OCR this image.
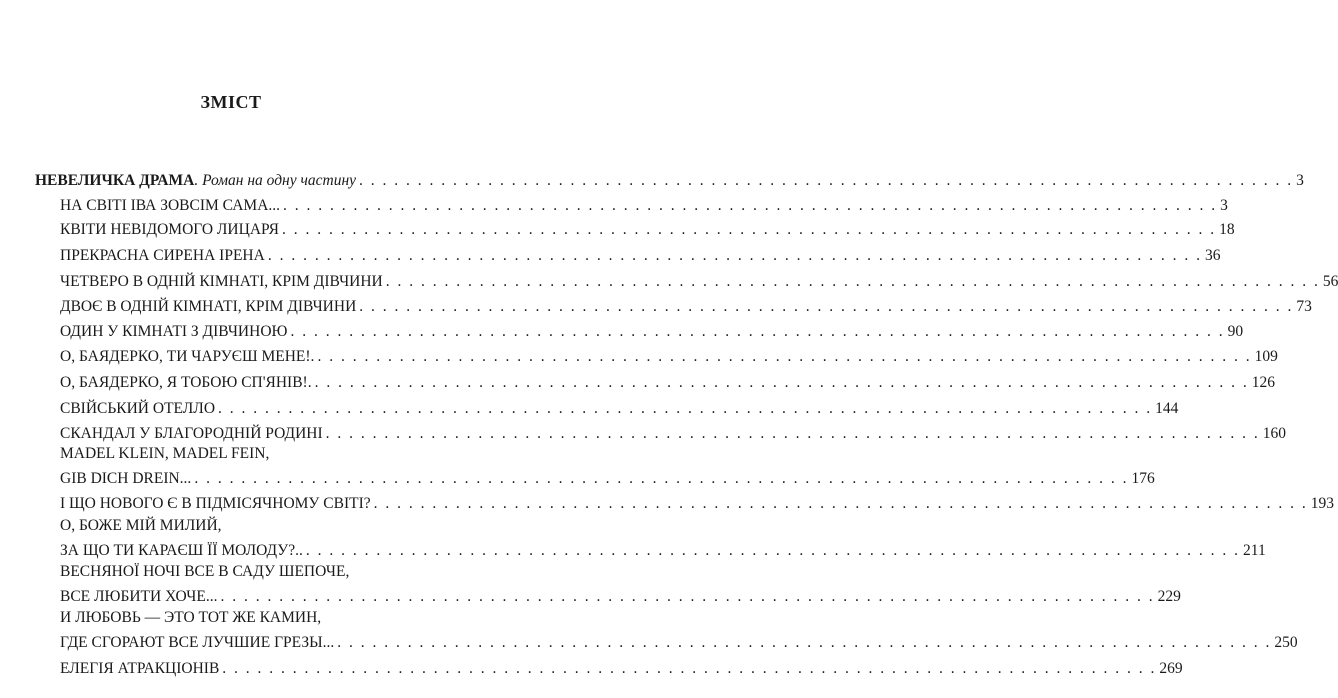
ЗМІСТ
НЕВЕЛИЧКА ДРАМА. Роман на одну частину . . . . . . . . . . . . . . . . . . . . . . . . . . . . . . . . . . . . . . . . . . . . . . . . . . . . . . . . . . . . . . . . . . . . . . . . . . . . . . . . 3
НА СВІТІ ІВА ЗОВСІМ САМА... . . . . . . . . . . . . . . . . . . . . . . . . . . . . . . . . . . . . . . . . . . . . . . . . . . . . . . . . . . . . . . . . . . . . . . . . . . . . . . . . 3
КВІТИ НЕВІДОМОГО ЛИЦАРЯ . . . . . . . . . . . . . . . . . . . . . . . . . . . . . . . . . . . . . . . . . . . . . . . . . . . . . . . . . . . . . . . . . . . . . . . . . . . . . . . . 18
ПРЕКРАСНА СИРЕНА ІРЕНА . . . . . . . . . . . . . . . . . . . . . . . . . . . . . . . . . . . . . . . . . . . . . . . . . . . . . . . . . . . . . . . . . . . . . . . . . . . . . . . . 36
ЧЕТВЕРО В ОДНІЙ КІМНАТІ, КРІМ ДІВЧИНИ . . . . . . . . . . . . . . . . . . . . . . . . . . . . . . . . . . . . . . . . . . . . . . . . . . . . . . . . . . . . . . . . . . . . . . . . . . . . . . . . 56
ДВОЄ В ОДНІЙ КІМНАТІ, КРІМ ДІВЧИНИ . . . . . . . . . . . . . . . . . . . . . . . . . . . . . . . . . . . . . . . . . . . . . . . . . . . . . . . . . . . . . . . . . . . . . . . . . . . . . . . . 73
ОДИН У КІМНАТІ З ДІВЧИНОЮ . . . . . . . . . . . . . . . . . . . . . . . . . . . . . . . . . . . . . . . . . . . . . . . . . . . . . . . . . . . . . . . . . . . . . . . . . . . . . . . . 90
О, БАЯДЕРКО, ТИ ЧАРУЄШ МЕНЕ!. . . . . . . . . . . . . . . . . . . . . . . . . . . . . . . . . . . . . . . . . . . . . . . . . . . . . . . . . . . . . . . . . . . . . . . . . . . . . . . . . 109
О, БАЯДЕРКО, Я ТОБОЮ СП'ЯНІВ!. . . . . . . . . . . . . . . . . . . . . . . . . . . . . . . . . . . . . . . . . . . . . . . . . . . . . . . . . . . . . . . . . . . . . . . . . . . . . . . . . 126
СВІЙСЬКИЙ ОТЕЛЛО . . . . . . . . . . . . . . . . . . . . . . . . . . . . . . . . . . . . . . . . . . . . . . . . . . . . . . . . . . . . . . . . . . . . . . . . . . . . . . . . 144
СКАНДАЛ У БЛАГОРОДНІЙ РОДИНІ . . . . . . . . . . . . . . . . . . . . . . . . . . . . . . . . . . . . . . . . . . . . . . . . . . . . . . . . . . . . . . . . . . . . . . . . . . . . . . . . 160
MADEL KLEIN, MADEL FEIN,
GIB DICH DREIN... . . . . . . . . . . . . . . . . . . . . . . . . . . . . . . . . . . . . . . . . . . . . . . . . . . . . . . . . . . . . . . . . . . . . . . . . . . . . . . . . 176
І ЩО НОВОГО Є В ПІДМІСЯЧНОМУ СВІТІ? . . . . . . . . . . . . . . . . . . . . . . . . . . . . . . . . . . . . . . . . . . . . . . . . . . . . . . . . . . . . . . . . . . . . . . . . . . . . . . . . 193
О, БОЖЕ МІЙ МИЛИЙ,
ЗА ЩО ТИ КАРАЄШ ЇЇ МОЛОДУ?.. . . . . . . . . . . . . . . . . . . . . . . . . . . . . . . . . . . . . . . . . . . . . . . . . . . . . . . . . . . . . . . . . . . . . . . . . . . . . . . . . 211
ВЕСНЯНОЇ НОЧІ ВСЕ В САДУ ШЕПОЧЕ,
ВСЕ ЛЮБИТИ ХОЧЕ... . . . . . . . . . . . . . . . . . . . . . . . . . . . . . . . . . . . . . . . . . . . . . . . . . . . . . . . . . . . . . . . . . . . . . . . . . . . . . . . . 229
И ЛЮБОВЬ — ЭТО ТОТ ЖЕ КАМИН,
ГДЕ СГОРАЮТ ВСЕ ЛУЧШИЕ ГРЕЗЫ... . . . . . . . . . . . . . . . . . . . . . . . . . . . . . . . . . . . . . . . . . . . . . . . . . . . . . . . . . . . . . . . . . . . . . . . . . . . . . . . . 250
ЕЛЕГІЯ АТРАКЦІОНІВ . . . . . . . . . . . . . . . . . . . . . . . . . . . . . . . . . . . . . . . . . . . . . . . . . . . . . . . . . . . . . . . . . . . . . . . . . . . . . . . . 269
